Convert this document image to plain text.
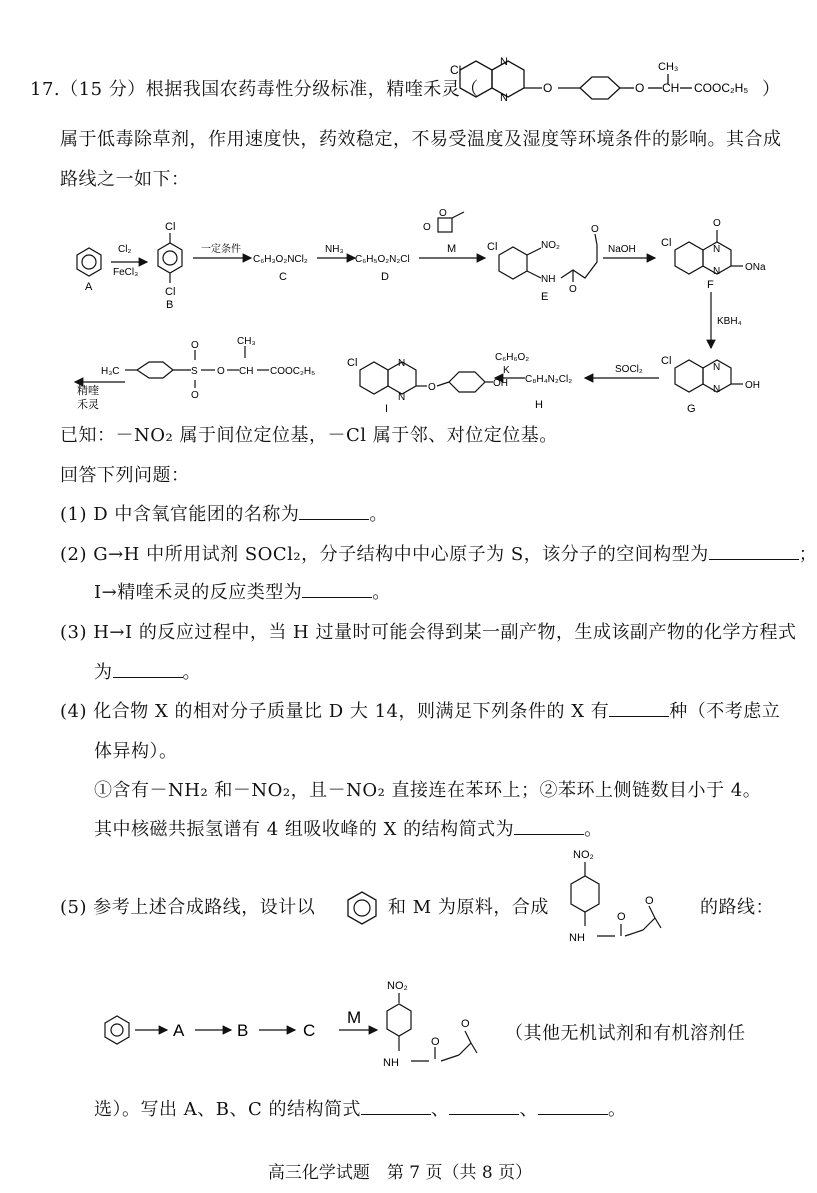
17.（15 分）根据我国农药毒性分级标准，精喹禾灵（
Cl
N
N
O	O
CH₃
CH COOC₂H₅ ）
属于低毒除草剂，作用速度快，药效稳定，不易受温度及湿度等环境条件的影响。其合成
路线之一如下：
A
Cl₂
FeCl₃
Cl
Cl
B
一定条件
C₆H₃O₂NCl₂
C
NH₃
C₆H₅O₂N₂Cl
D
O
O
M	Cl	NO₂
NH
O
O
E
NaOH
Cl
O
N
N ONa
F
KBH₄
Cl
N
N OH
G
SOCl₂
C₈H₄N₂Cl₂
H
C₆H₆O₂
K
Cl	N
N
O	OH
I
H₃C	S
O
O
O
CH₃
CH COOC₂H₅
精喹
禾灵
已知：－NO₂ 属于间位定位基，－Cl 属于邻、对位定位基。
回答下列问题：
(1) D 中含氧官能团的名称为	。
(2) G→H 中所用试剂 SOCl₂，分子结构中中心原子为 S，该分子的空间构型为	；
I→精喹禾灵的反应类型为	。
(3) H→I 的反应过程中，当 H 过量时可能会得到某一副产物，生成该副产物的化学方程式
为	。
(4) 化合物 X 的相对分子质量比 D 大 14，则满足下列条件的 X 有	种（不考虑立
体异构）。
①含有－NH₂ 和－NO₂，且－NO₂ 直接连在苯环上；②苯环上侧链数目小于 4。
其中核磁共振氢谱有 4 组吸收峰的 X 的结构简式为	。
(5) 参考上述合成路线，设计以	和 M 为原料，合成
NO₂
NH
O
O	的路线：
A	B	C
M
NO₂
NH
O
O （其他无机试剂和有机溶剂任
选）。写出 A、B、C 的结构简式	、	、	。
高三化学试题　第 7 页（共 8 页）
